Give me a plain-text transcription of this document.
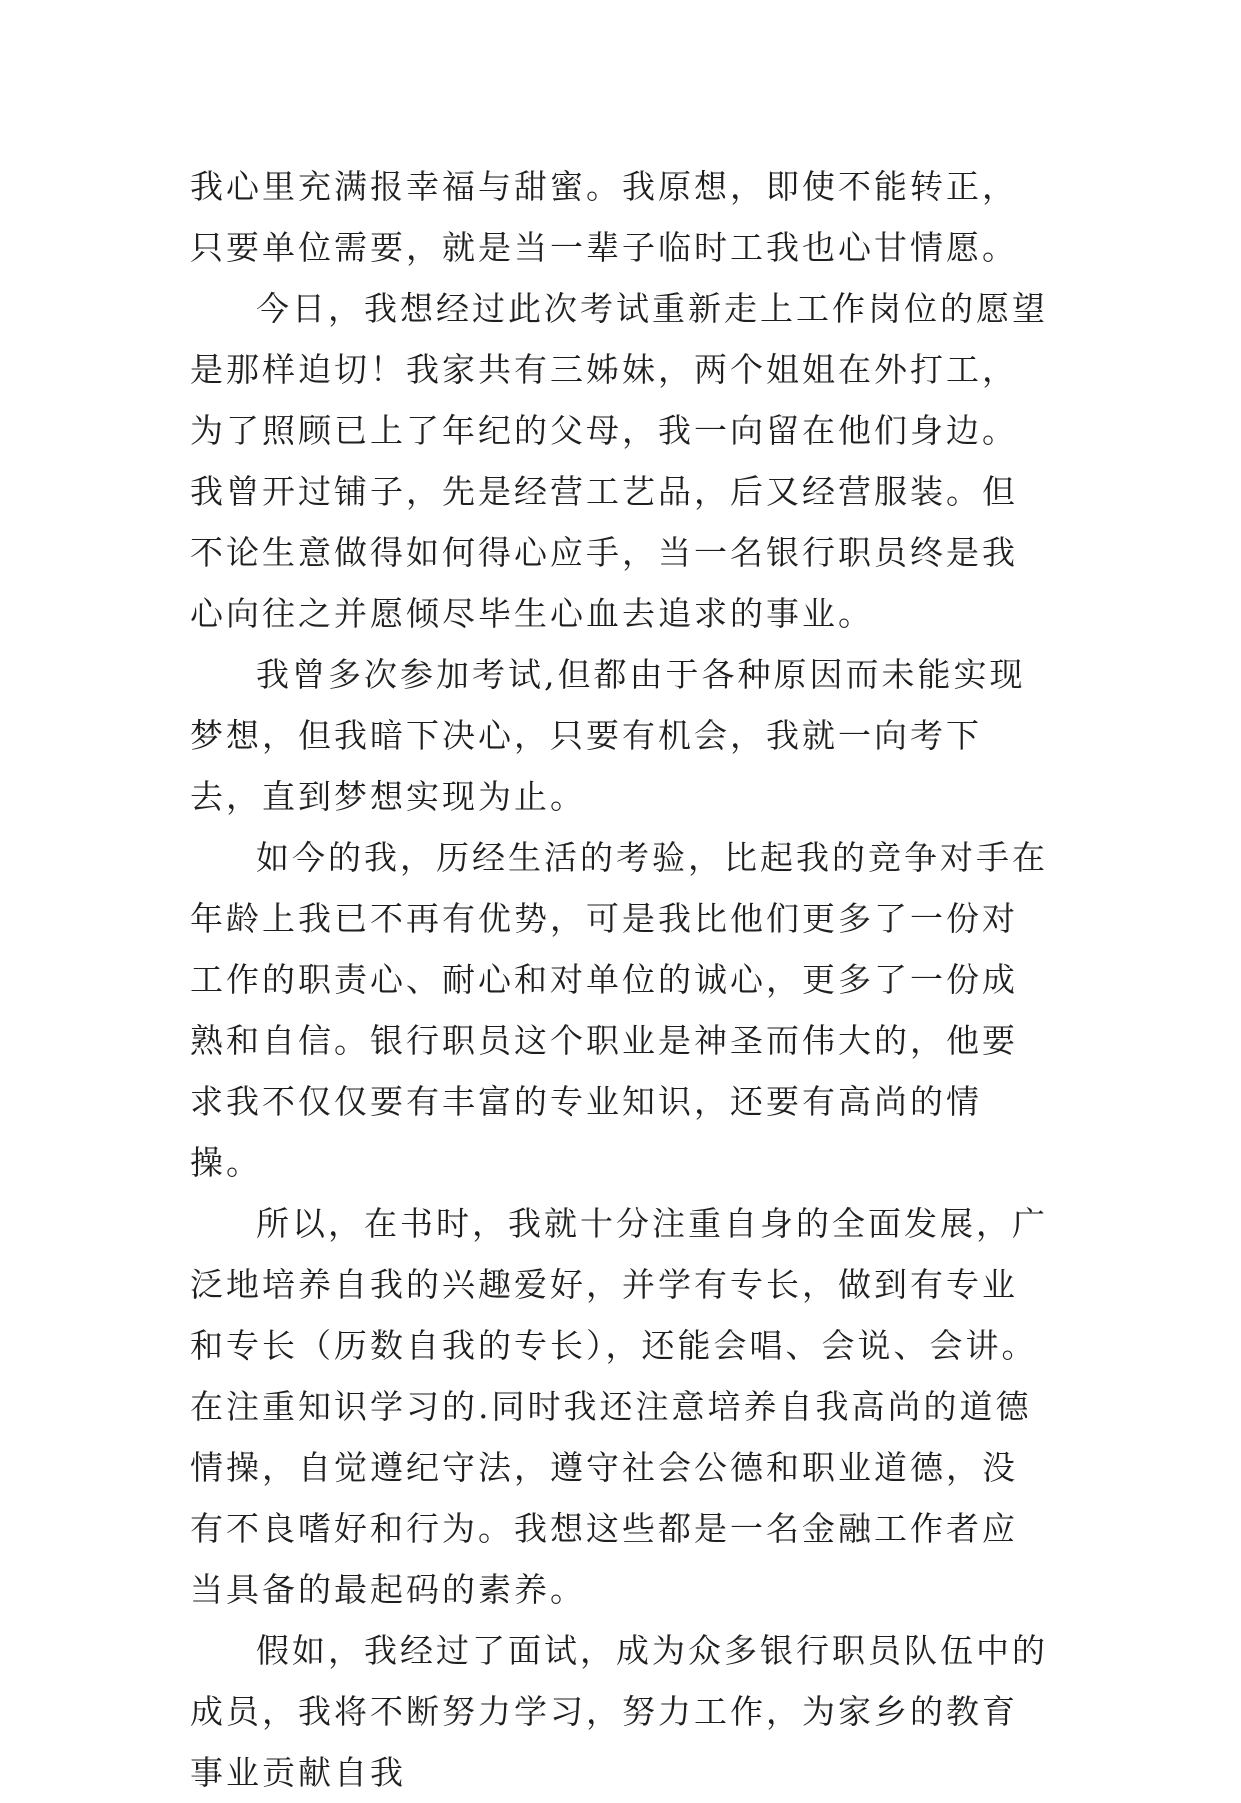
我心里充满报幸福与甜蜜。我原想，即使不能转正，只要单位需要，就是当一辈子临时工我也心甘情愿。

今日，我想经过此次考试重新走上工作岗位的愿望是那样迫切！我家共有三姊妹，两个姐姐在外打工，为了照顾已上了年纪的父母，我一向留在他们身边。我曾开过铺子，先是经营工艺品，后又经营服装。但不论生意做得如何得心应手，当一名银行职员终是我心向往之并愿倾尽毕生心血去追求的事业。

我曾多次参加考试,但都由于各种原因而未能实现梦想，但我暗下决心，只要有机会，我就一向考下去，直到梦想实现为止。

如今的我，历经生活的考验，比起我的竞争对手在年龄上我已不再有优势，可是我比他们更多了一份对工作的职责心、耐心和对单位的诚心，更多了一份成熟和自信。银行职员这个职业是神圣而伟大的，他要求我不仅仅要有丰富的专业知识，还要有高尚的情操。

所以，在书时，我就十分注重自身的全面发展，广泛地培养自我的兴趣爱好，并学有专长，做到有专业和专长（历数自我的专长），还能会唱、会说、会讲。在注重知识学习的.同时我还注意培养自我高尚的道德情操，自觉遵纪守法，遵守社会公德和职业道德，没有不良嗜好和行为。我想这些都是一名金融工作者应当具备的最起码的素养。

假如，我经过了面试，成为众多银行职员队伍中的成员，我将不断努力学习，努力工作，为家乡的教育事业贡献自我
